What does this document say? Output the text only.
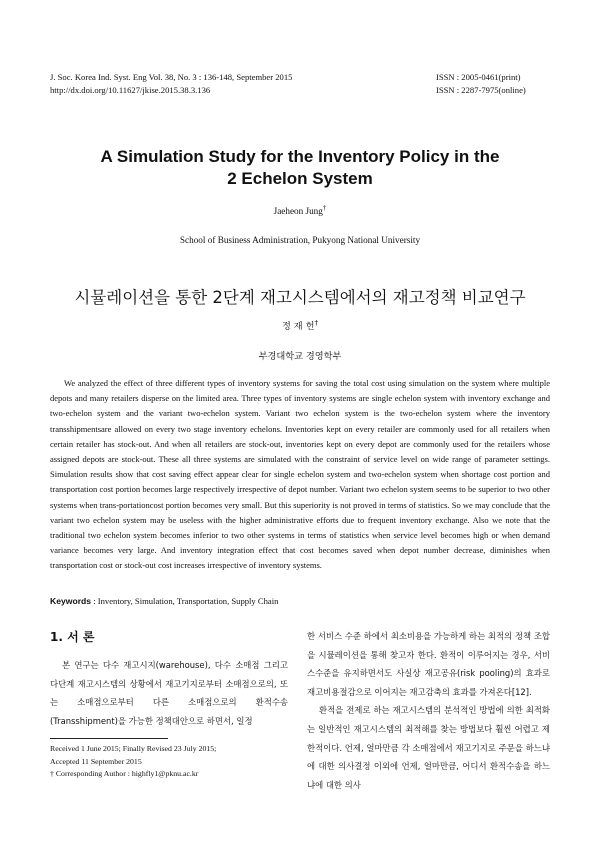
J. Soc. Korea Ind. Syst. Eng Vol. 38, No. 3 : 136-148, September 2015
http://dx.doi.org/10.11627/jkise.2015.38.3.136
ISSN : 2005-0461(print)
ISSN : 2287-7975(online)
A Simulation Study for the Inventory Policy in the
2 Echelon System
Jaeheon Jung†
School of Business Administration, Pukyong National University
시뮬레이션을 통한 2단계 재고시스템에서의 재고정책 비교연구
정 재 헌†
부경대학교 경영학부

We analyzed the effect of three different types of inventory systems for saving the total cost using simulation on the system where multiple depots and many retailers disperse on the limited area. Three types of inventory systems are single echelon system with inventory exchange and two-echelon system and the variant two-echelon system. Variant two echelon system is the two-echelon system where the inventory transshipmentsare allowed on every two stage inventory echelons. Inventories kept on every retailer are commonly used for all retailers when certain retailer has stock-out. And when all retailers are stock-out, inventories kept on every depot are commonly used for the retailers whose assigned depots are stock-out. These all three systems are simulated with the constraint of service level on wide range of parameter settings. Simulation results show that cost saving effect appear clear for single echelon system and two-echelon system when shortage cost portion and transportation cost portion becomes large respectively irrespective of depot number. Variant two echelon system seems to be superior to two other systems when trans-portationcost portion becomes very small. But this superiority is not proved in terms of statistics. So we may conclude that the variant two echelon system may be useless with the higher administrative efforts due to frequent inventory exchange. Also we note that the traditional two echelon system becomes inferior to two other systems in terms of statistics when service level becomes high or when demand variance becomes very large. And inventory integration effect that cost becomes saved when depot number decrease, diminishes when transportation cost or stock-out cost increases irrespective of inventory systems.

Keywords : Inventory, Simulation, Transportation, Supply Chain
1. 서 론

본 연구는 다수 재고시지(warehouse), 다수 소매점 그리고 다단계 재고시스템의 상황에서 재고기지로부터 소매점으로의, 또는 소매점으로부터 다른 소매점으로의 환적수송(Transshipment)을 가능한 정책대안으로 하면서, 일정

Received 1 June 2015; Finally Revised 23 July 2015;
Accepted 11 September 2015
† Corresponding Author : highfly1@pknu.ac.kr

한 서비스 수준 하에서 최소비용을 가능하게 하는 최적의 정책 조합을 시뮬레이션을 통해 찾고자 한다. 환적이 이루어지는 경우, 서비스수준을 유지하면서도 사실상 재고공유(risk pooling)의 효과로 재고비용절감으로 이어지는 재고감축의 효과를 가져온다[12].

환적을 전제로 하는 재고시스템의 분석적인 방법에 의한 최적화는 일반적인 재고시스템의 최적해를 찾는 방법보다 훨씬 어렵고 제한적이다. 언제, 얼마만큼 각 소매점에서 재고기지로 주문을 하느냐에 대한 의사결정 이외에 언제, 얼마만큼, 어디서 환적수송을 하느냐에 대한 의사
